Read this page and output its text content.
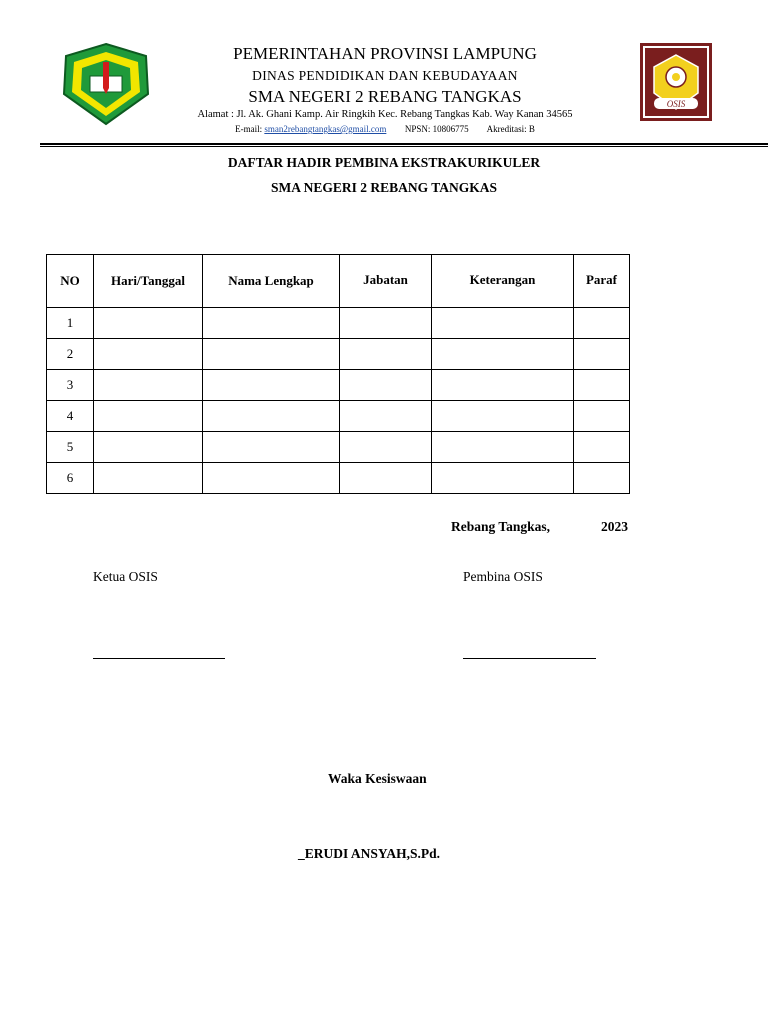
OSIS
PEMERINTAHAN PROVINSI LAMPUNG
DINAS PENDIDIKAN DAN KEBUDAYAAN
SMA NEGERI 2 REBANG TANGKAS
Alamat : Jl. Ak. Ghani Kamp. Air Ringkih Kec. Rebang Tangkas Kab. Way Kanan 34565
E-mail: sman2rebangtangkas@gmail.com NPSN: 10806775 Akreditasi: B
DAFTAR HADIR PEMBINA EKSTRAKURIKULER
SMA NEGERI 2 REBANG TANGKAS
NO	Hari/Tanggal	Nama Lengkap	Jabatan	Keterangan	Paraf
1					
2					
3					
4					
5					
6					
Rebang Tangkas,	2023
Ketua OSIS	Pembina OSIS
Waka Kesiswaan
_ERUDI ANSYAH,S.Pd.
